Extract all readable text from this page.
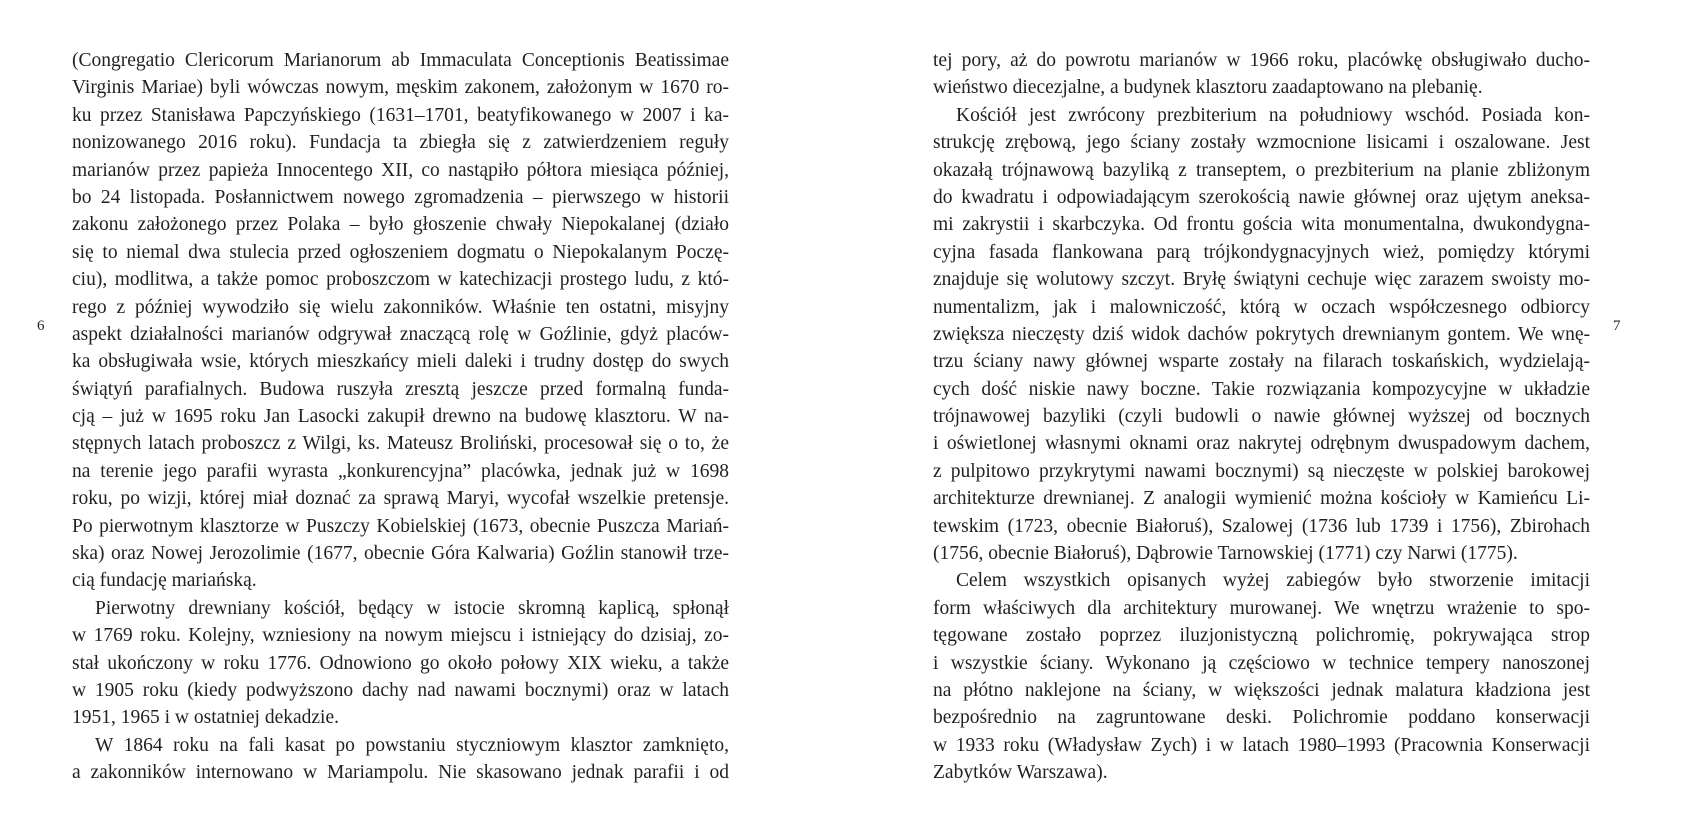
6
(Congregatio Clericorum Marianorum ab Immaculata Conceptionis Beatissimae
Virginis Mariae) byli wówczas nowym, męskim zakonem, założonym w 1670 ro-
ku przez Stanisława Papczyńskiego (1631–1701, beatyfikowanego w 2007 i ka-
nonizowanego 2016 roku). Fundacja ta zbiegła się z zatwierdzeniem reguły
marianów przez papieża Innocentego XII, co nastąpiło półtora miesiąca później,
bo 24 listopada. Posłannictwem nowego zgromadzenia – pierwszego w historii
zakonu założonego przez Polaka – było głoszenie chwały Niepokalanej (działo
się to niemal dwa stulecia przed ogłoszeniem dogmatu o Niepokalanym Poczę-
ciu), modlitwa, a także pomoc proboszczom w katechizacji prostego ludu, z któ-
rego z później wywodziło się wielu zakonników. Właśnie ten ostatni, misyjny
aspekt działalności marianów odgrywał znaczącą rolę w Goźlinie, gdyż placów-
ka obsługiwała wsie, których mieszkańcy mieli daleki i trudny dostęp do swych
świątyń parafialnych. Budowa ruszyła zresztą jeszcze przed formalną funda-
cją – już w 1695 roku Jan Lasocki zakupił drewno na budowę klasztoru. W na-
stępnych latach proboszcz z Wilgi, ks. Mateusz Broliński, procesował się o to, że
na terenie jego parafii wyrasta „konkurencyjna” placówka, jednak już w 1698
roku, po wizji, której miał doznać za sprawą Maryi, wycofał wszelkie pretensje.
Po pierwotnym klasztorze w Puszczy Kobielskiej (1673, obecnie Puszcza Mariań-
ska) oraz Nowej Jerozolimie (1677, obecnie Góra Kalwaria) Goźlin stanowił trze-
cią fundację mariańską.
Pierwotny drewniany kościół, będący w istocie skromną kaplicą, spłonął
w 1769 roku. Kolejny, wzniesiony na nowym miejscu i istniejący do dzisiaj, zo-
stał ukończony w roku 1776. Odnowiono go około połowy XIX wieku, a także
w 1905 roku (kiedy podwyższono dachy nad nawami bocznymi) oraz w latach
1951, 1965 i w ostatniej dekadzie.
W 1864 roku na fali kasat po powstaniu styczniowym klasztor zamknięto,
a zakonników internowano w Mariampolu. Nie skasowano jednak parafii i od
tej pory, aż do powrotu marianów w 1966 roku, placówkę obsługiwało ducho-
wieństwo diecezjalne, a budynek klasztoru zaadaptowano na plebanię.
Kościół jest zwrócony prezbiterium na południowy wschód. Posiada kon-
strukcję zrębową, jego ściany zostały wzmocnione lisicami i oszalowane. Jest
okazałą trójnawową bazyliką z transeptem, o prezbiterium na planie zbliżonym
do kwadratu i odpowiadającym szerokością nawie głównej oraz ujętym aneksa-
mi zakrystii i skarbczyka. Od frontu gościa wita monumentalna, dwukondygna-
cyjna fasada flankowana parą trójkondygnacyjnych wież, pomiędzy którymi
znajduje się wolutowy szczyt. Bryłę świątyni cechuje więc zarazem swoisty mo-
numentalizm, jak i malowniczość, którą w oczach współczesnego odbiorcy
zwiększa nieczęsty dziś widok dachów pokrytych drewnianym gontem. We wnę-
trzu ściany nawy głównej wsparte zostały na filarach toskańskich, wydzielają-
cych dość niskie nawy boczne. Takie rozwiązania kompozycyjne w układzie
trójnawowej bazyliki (czyli budowli o nawie głównej wyższej od bocznych
i oświetlonej własnymi oknami oraz nakrytej odrębnym dwuspadowym dachem,
z pulpitowo przykrytymi nawami bocznymi) są nieczęste w polskiej barokowej
architekturze drewnianej. Z analogii wymienić można kościoły w Kamieńcu Li-
tewskim (1723, obecnie Białoruś), Szalowej (1736 lub 1739 i 1756), Zbirohach
(1756, obecnie Białoruś), Dąbrowie Tarnowskiej (1771) czy Narwi (1775).
Celem wszystkich opisanych wyżej zabiegów było stworzenie imitacji
form właściwych dla architektury murowanej. We wnętrzu wrażenie to spo-
tęgowane zostało poprzez iluzjonistyczną polichromię, pokrywająca strop
i wszystkie ściany. Wykonano ją częściowo w technice tempery nanoszonej
na płótno naklejone na ściany, w większości jednak malatura kładziona jest
bezpośrednio na zagruntowane deski. Polichromie poddano konserwacji
w 1933 roku (Władysław Zych) i w latach 1980–1993 (Pracownia Konserwacji
Zabytków Warszawa).
7
